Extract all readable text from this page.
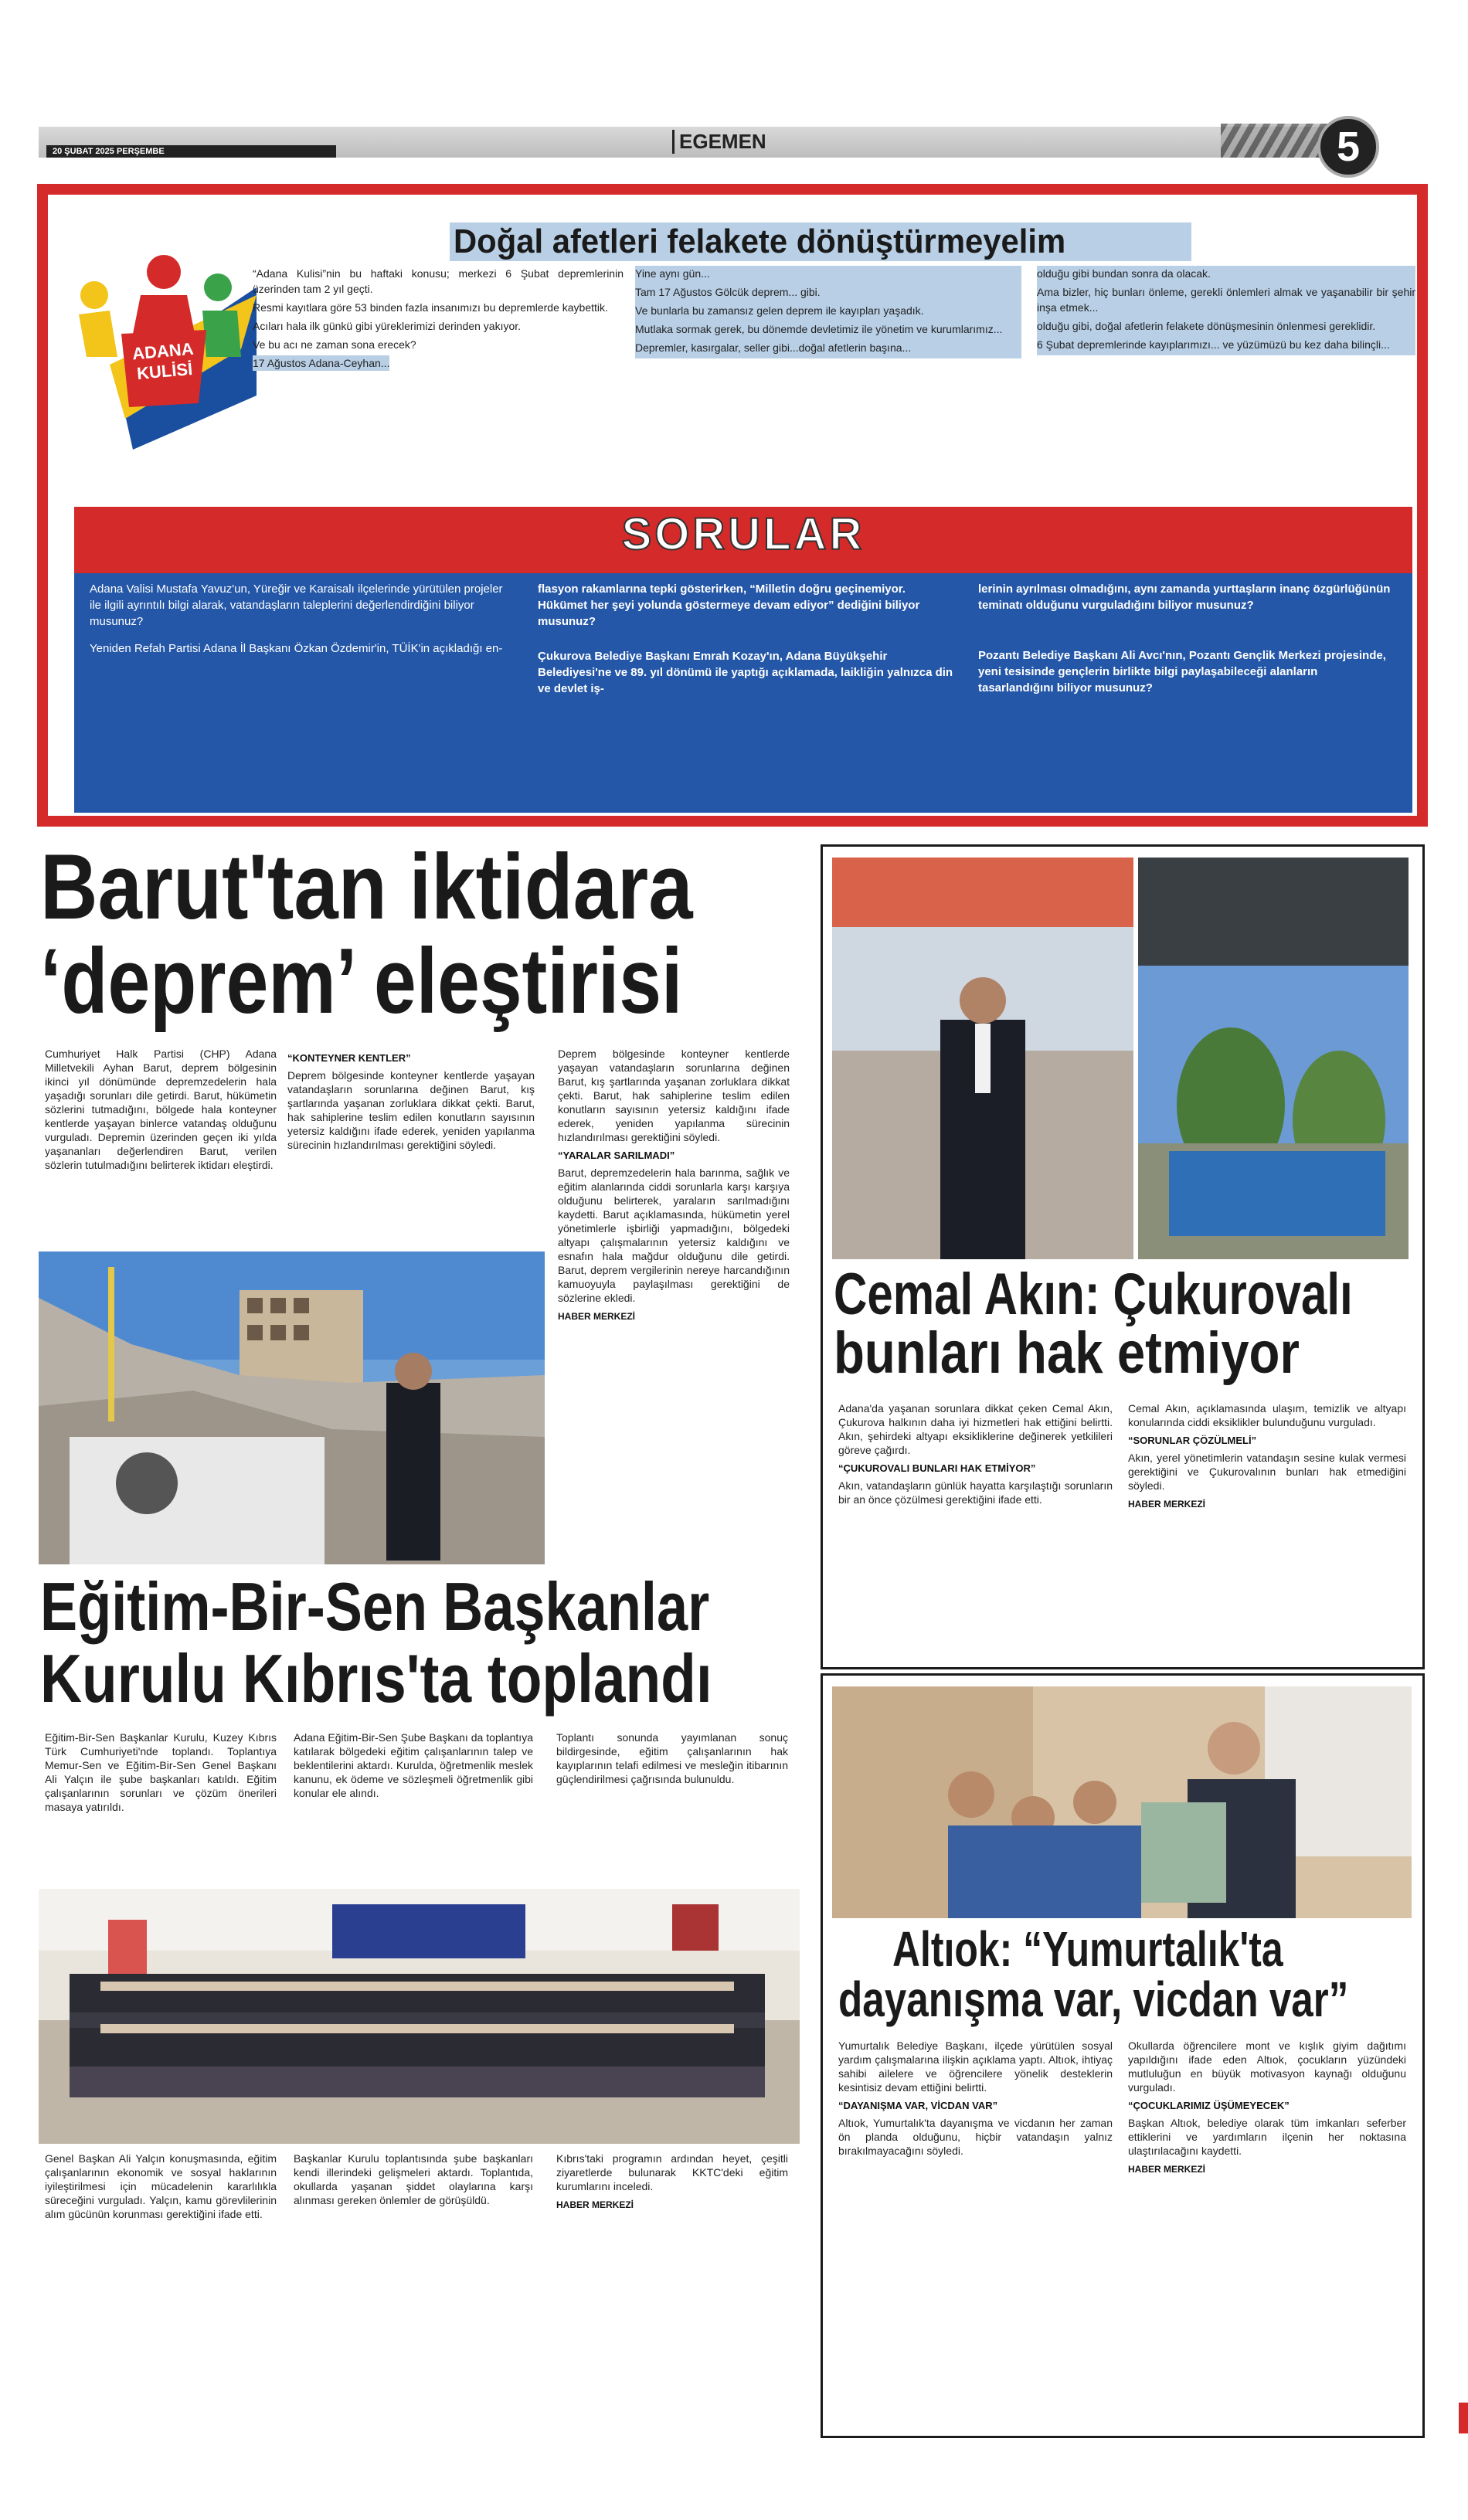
20 ŞUBAT 2025 PERŞEMBE	EGEMEN	5
ADANA KULİSİ
Doğal afetleri felakete dönüştürmeyelim

“Adana Kulisi”nin bu haftaki konusu; merkezi 6 Şubat depremlerinin üzerinden tam 2 yıl geçti.

Resmi kayıtlara göre 53 binden fazla insanımızı bu depremlerde kaybettik.

Acıları hala ilk günkü gibi yüreklerimizi derinden yakıyor.

Ve bu acı ne zaman sona erecek?

17 Ağustos Adana-Ceyhan...

Yine aynı gün...

Tam 17 Ağustos Gölcük deprem... gibi.

Ve bunlarla bu zamansız gelen deprem ile kayıpları yaşadık.

Mutlaka sormak gerek, bu dönemde devletimiz ile yönetim ve kurumlarımız...

Depremler, kasırgalar, seller gibi...doğal afetlerin başına...

olduğu gibi bundan sonra da olacak.

Ama bizler, hiç bunları önleme, gerekli önlemleri almak ve yaşanabilir bir şehir inşa etmek...

olduğu gibi, doğal afetlerin felakete dönüşmesinin önlenmesi gereklidir.

6 Şubat depremlerinde kayıplarımızı... ve yüzümüzü bu kez daha bilinçli...

SORULAR

Adana Valisi Mustafa Yavuz'un, Yüreğir ve Karaisalı ilçelerinde yürütülen projeler ile ilgili ayrıntılı bilgi alarak, vatandaşların taleplerini değerlendirdiğini biliyor musunuz?

Yeniden Refah Partisi Adana İl Başkanı Özkan Özdemir'in, TÜİK'in açıkladığı en-

flasyon rakamlarına tepki gösterirken, “Milletin doğru geçinemiyor. Hükümet her şeyi yolunda göstermeye devam ediyor” dediğini biliyor musunuz?

Çukurova Belediye Başkanı Emrah Kozay'ın, Adana Büyükşehir Belediyesi'ne ve 89. yıl dönümü ile yaptığı açıklamada, laikliğin yalnızca din ve devlet iş-

lerinin ayrılması olmadığını, aynı zamanda yurttaşların inanç özgürlüğünün teminatı olduğunu vurguladığını biliyor musunuz?

Pozantı Belediye Başkanı Ali Avcı'nın, Pozantı Gençlik Merkezi projesinde, yeni tesisinde gençlerin birlikte bilgi paylaşabileceği alanların tasarlandığını biliyor musunuz?

Barut'tan iktidara
‘deprem’ eleştirisi

Cumhuriyet Halk Partisi (CHP) Adana Milletvekili Ayhan Barut, deprem bölgesinin ikinci yıl dönümünde depremzedelerin hala yaşadığı sorunları dile getirdi. Barut, hükümetin sözlerini tutmadığını, bölgede hala konteyner kentlerde yaşayan binlerce vatandaş olduğunu vurguladı. Depremin üzerinden geçen iki yılda yaşananları değerlendiren Barut, verilen sözlerin tutulmadığını belirterek iktidarı eleştirdi.

“KONTEYNER KENTLER”

Deprem bölgesinde konteyner kentlerde yaşayan vatandaşların sorunlarına değinen Barut, kış şartlarında yaşanan zorluklara dikkat çekti. Barut, hak sahiplerine teslim edilen konutların sayısının yetersiz kaldığını ifade ederek, yeniden yapılanma sürecinin hızlandırılması gerektiğini söyledi.

Deprem bölgesinde konteyner kentlerde yaşayan vatandaşların sorunlarına değinen Barut, kış şartlarında yaşanan zorluklara dikkat çekti. Barut, hak sahiplerine teslim edilen konutların sayısının yetersiz kaldığını ifade ederek, yeniden yapılanma sürecinin hızlandırılması gerektiğini söyledi.

“YARALAR SARILMADI”

Barut, depremzedelerin hala barınma, sağlık ve eğitim alanlarında ciddi sorunlarla karşı karşıya olduğunu belirterek, yaraların sarılmadığını kaydetti. Barut açıklamasında, hükümetin yerel yönetimlerle işbirliği yapmadığını, bölgedeki altyapı çalışmalarının yetersiz kaldığını ve esnafın hala mağdur olduğunu dile getirdi. Barut, deprem vergilerinin nereye harcandığının kamuoyuyla paylaşılması gerektiğini de sözlerine ekledi.

HABER MERKEZİ
Eğitim-Bir-Sen Başkanlar
Kurulu Kıbrıs'ta toplandı

Eğitim-Bir-Sen Başkanlar Kurulu, Kuzey Kıbrıs Türk Cumhuriyeti'nde toplandı. Toplantıya Memur-Sen ve Eğitim-Bir-Sen Genel Başkanı Ali Yalçın ile şube başkanları katıldı. Eğitim çalışanlarının sorunları ve çözüm önerileri masaya yatırıldı.

Adana Eğitim-Bir-Sen Şube Başkanı da toplantıya katılarak bölgedeki eğitim çalışanlarının talep ve beklentilerini aktardı. Kurulda, öğretmenlik meslek kanunu, ek ödeme ve sözleşmeli öğretmenlik gibi konular ele alındı.

Toplantı sonunda yayımlanan sonuç bildirgesinde, eğitim çalışanlarının hak kayıplarının telafi edilmesi ve mesleğin itibarının güçlendirilmesi çağrısında bulunuldu.

Genel Başkan Ali Yalçın konuşmasında, eğitim çalışanlarının ekonomik ve sosyal haklarının iyileştirilmesi için mücadelenin kararlılıkla süreceğini vurguladı. Yalçın, kamu görevlilerinin alım gücünün korunması gerektiğini ifade etti.

Başkanlar Kurulu toplantısında şube başkanları kendi illerindeki gelişmeleri aktardı. Toplantıda, okullarda yaşanan şiddet olaylarına karşı alınması gereken önlemler de görüşüldü.

Kıbrıs'taki programın ardından heyet, çeşitli ziyaretlerde bulunarak KKTC'deki eğitim kurumlarını inceledi.

HABER MERKEZİ
Cemal Akın: Çukurovalı
bunları hak etmiyor

Adana'da yaşanan sorunlara dikkat çeken Cemal Akın, Çukurova halkının daha iyi hizmetleri hak ettiğini belirtti. Akın, şehirdeki altyapı eksikliklerine değinerek yetkilileri göreve çağırdı.

“ÇUKUROVALI BUNLARI HAK ETMİYOR”

Akın, vatandaşların günlük hayatta karşılaştığı sorunların bir an önce çözülmesi gerektiğini ifade etti.

Cemal Akın, açıklamasında ulaşım, temizlik ve altyapı konularında ciddi eksiklikler bulunduğunu vurguladı.

“SORUNLAR ÇÖZÜLMELİ”

Akın, yerel yönetimlerin vatandaşın sesine kulak vermesi gerektiğini ve Çukurovalının bunları hak etmediğini söyledi.

HABER MERKEZİ
Altıok: “Yumurtalık'ta
dayanışma var, vicdan var”

Yumurtalık Belediye Başkanı, ilçede yürütülen sosyal yardım çalışmalarına ilişkin açıklama yaptı. Altıok, ihtiyaç sahibi ailelere ve öğrencilere yönelik desteklerin kesintisiz devam ettiğini belirtti.

“DAYANIŞMA VAR, VİCDAN VAR”

Altıok, Yumurtalık'ta dayanışma ve vicdanın her zaman ön planda olduğunu, hiçbir vatandaşın yalnız bırakılmayacağını söyledi.

Okullarda öğrencilere mont ve kışlık giyim dağıtımı yapıldığını ifade eden Altıok, çocukların yüzündeki mutluluğun en büyük motivasyon kaynağı olduğunu vurguladı.

“ÇOCUKLARIMIZ ÜŞÜMEYECEK”

Başkan Altıok, belediye olarak tüm imkanları seferber ettiklerini ve yardımların ilçenin her noktasına ulaştırılacağını kaydetti.

HABER MERKEZİ
